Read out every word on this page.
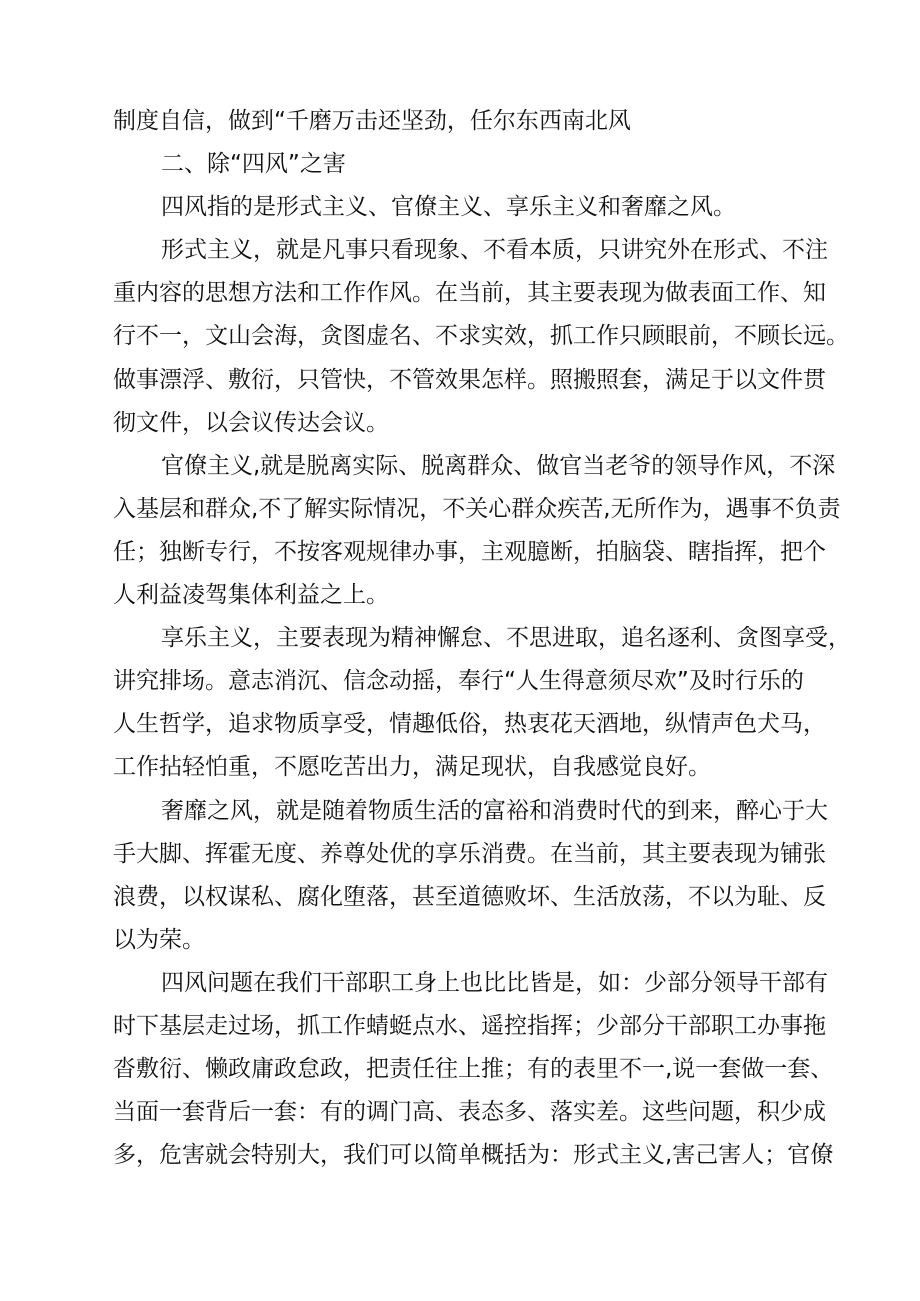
制度自信，做到“千磨万击还坚劲，任尔东西南北风
二、除“四风”之害
四风指的是形式主义、官僚主义、享乐主义和奢靡之风。
形式主义，就是凡事只看现象、不看本质，只讲究外在形式、不注
重内容的思想方法和工作作风。在当前，其主要表现为做表面工作、知
行不一，文山会海，贪图虚名、不求实效，抓工作只顾眼前，不顾长远。
做事漂浮、敷衍，只管快，不管效果怎样。照搬照套，满足于以文件贯
彻文件，以会议传达会议。
官僚主义,就是脱离实际、脱离群众、做官当老爷的领导作风，不深
入基层和群众,不了解实际情况，不关心群众疾苦,无所作为，遇事不负责
任；独断专行，不按客观规律办事，主观臆断，拍脑袋、瞎指挥，把个
人利益凌驾集体利益之上。
享乐主义，主要表现为精神懈怠、不思进取，追名逐利、贪图享受，
讲究排场。意志消沉、信念动摇，奉行“人生得意须尽欢”及时行乐的
人生哲学，追求物质享受，情趣低俗，热衷花天酒地，纵情声色犬马，
工作拈轻怕重，不愿吃苦出力，满足现状，自我感觉良好。
奢靡之风，就是随着物质生活的富裕和消费时代的到来，醉心于大
手大脚、挥霍无度、养尊处优的享乐消费。在当前，其主要表现为铺张
浪费，以权谋私、腐化堕落，甚至道德败坏、生活放荡，不以为耻、反
以为荣。
四风问题在我们干部职工身上也比比皆是，如：少部分领导干部有
时下基层走过场，抓工作蜻蜓点水、遥控指挥；少部分干部职工办事拖
沓敷衍、懒政庸政怠政，把责任往上推；有的表里不一,说一套做一套、
当面一套背后一套：有的调门高、表态多、落实差。这些问题，积少成
多，危害就会特别大，我们可以简单概括为：形式主义,害己害人；官僚
